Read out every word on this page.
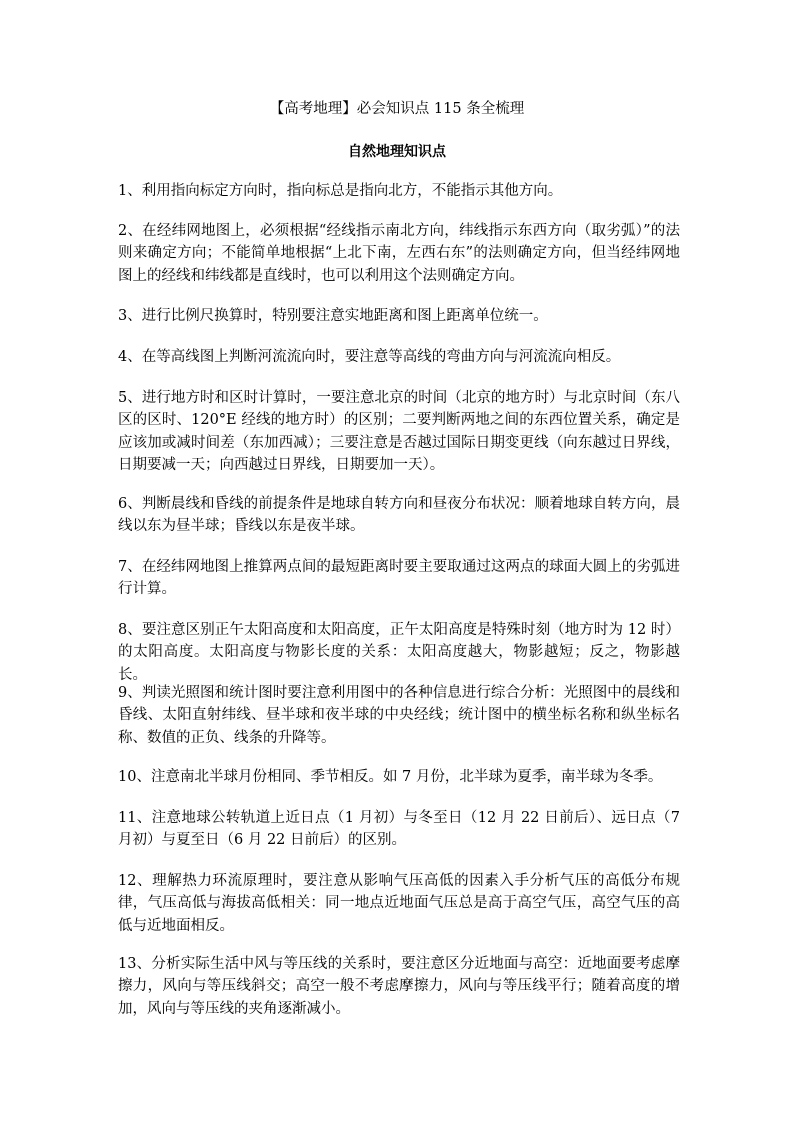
【高考地理】必会知识点 115 条全梳理
自然地理知识点

1、利用指向标定方向时，指向标总是指向北方，不能指示其他方向。

2、在经纬网地图上，必须根据“经线指示南北方向，纬线指示东西方向（取劣弧）”的法则来确定方向；不能简单地根据“上北下南，左西右东”的法则确定方向，但当经纬网地图上的经线和纬线都是直线时，也可以利用这个法则确定方向。

3、进行比例尺换算时，特别要注意实地距离和图上距离单位统一。

4、在等高线图上判断河流流向时，要注意等高线的弯曲方向与河流流向相反。

5、进行地方时和区时计算时，一要注意北京的时间（北京的地方时）与北京时间（东八区的区时、120°E 经线的地方时）的区别；二要判断两地之间的东西位置关系，确定是应该加或减时间差（东加西减）；三要注意是否越过国际日期变更线（向东越过日界线，日期要减一天；向西越过日界线，日期要加一天）。

6、判断晨线和昏线的前提条件是地球自转方向和昼夜分布状况：顺着地球自转方向，晨线以东为昼半球；昏线以东是夜半球。

7、在经纬网地图上推算两点间的最短距离时要主要取通过这两点的球面大圆上的劣弧进行计算。

8、要注意区别正午太阳高度和太阳高度，正午太阳高度是特殊时刻（地方时为 12 时）的太阳高度。太阳高度与物影长度的关系：太阳高度越大，物影越短；反之，物影越长。

9、判读光照图和统计图时要注意利用图中的各种信息进行综合分析：光照图中的晨线和昏线、太阳直射纬线、昼半球和夜半球的中央经线；统计图中的横坐标名称和纵坐标名称、数值的正负、线条的升降等。

10、注意南北半球月份相同、季节相反。如 7 月份，北半球为夏季，南半球为冬季。

11、注意地球公转轨道上近日点（1 月初）与冬至日（12 月 22 日前后）、远日点（7 月初）与夏至日（6 月 22 日前后）的区别。

12、理解热力环流原理时，要注意从影响气压高低的因素入手分析气压的高低分布规律，气压高低与海拔高低相关：同一地点近地面气压总是高于高空气压，高空气压的高低与近地面相反。

13、分析实际生活中风与等压线的关系时，要注意区分近地面与高空：近地面要考虑摩擦力，风向与等压线斜交；高空一般不考虑摩擦力，风向与等压线平行；随着高度的增加，风向与等压线的夹角逐渐减小。
